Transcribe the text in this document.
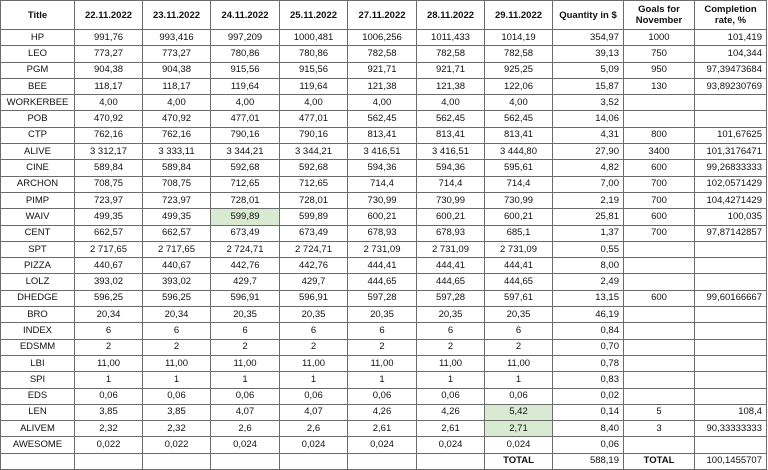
Title	22.11.2022	23.11.2022	24.11.2022	25.11.2022	27.11.2022	28.11.2022	29.11.2022	Quantity in $	Goals for November	Completion rate, %
HP	991,76	993,416	997,209	1000,481	1006,256	1011,433	1014,19	354,97	1000	101,419
LEO	773,27	773,27	780,86	780,86	782,58	782,58	782,58	39,13	750	104,344
PGM	904,38	904,38	915,56	915,56	921,71	921,71	925,25	5,09	950	97,39473684
BEE	118,17	118,17	119,64	119,64	121,38	121,38	122,06	15,87	130	93,89230769
WORKERBEE	4,00	4,00	4,00	4,00	4,00	4,00	4,00	3,52		
POB	470,92	470,92	477,01	477,01	562,45	562,45	562,45	14,06		
CTP	762,16	762,16	790,16	790,16	813,41	813,41	813,41	4,31	800	101,67625
ALIVE	3 312,17	3 333,11	3 344,21	3 344,21	3 416,51	3 416,51	3 444,80	27,90	3400	101,3176471
CINE	589,84	589,84	592,68	592,68	594,36	594,36	595,61	4,82	600	99,26833333
ARCHON	708,75	708,75	712,65	712,65	714,4	714,4	714,4	7,00	700	102,0571429
PIMP	723,97	723,97	728,01	728,01	730,99	730,99	730,99	2,19	700	104,4271429
WAIV	499,35	499,35	599,89	599,89	600,21	600,21	600,21	25,81	600	100,035
CENT	662,57	662,57	673,49	673,49	678,93	678,93	685,1	1,37	700	97,87142857
SPT	2 717,65	2 717,65	2 724,71	2 724,71	2 731,09	2 731,09	2 731,09	0,55		
PIZZA	440,67	440,67	442,76	442,76	444,41	444,41	444,41	8,00		
LOLZ	393,02	393,02	429,7	429,7	444,65	444,65	444,65	2,49		
DHEDGE	596,25	596,25	596,91	596,91	597,28	597,28	597,61	13,15	600	99,60166667
BRO	20,34	20,34	20,35	20,35	20,35	20,35	20,35	46,19		
INDEX	6	6	6	6	6	6	6	0,84		
EDSMM	2	2	2	2	2	2	2	0,70		
LBI	11,00	11,00	11,00	11,00	11,00	11,00	11,00	0,78		
SPI	1	1	1	1	1	1	1	0,83		
EDS	0,06	0,06	0,06	0,06	0,06	0,06	0,06	0,02		
LEN	3,85	3,85	4,07	4,07	4,26	4,26	5,42	0,14	5	108,4
ALIVEM	2,32	2,32	2,6	2,6	2,61	2,61	2,71	8,40	3	90,33333333
AWESOME	0,022	0,022	0,024	0,024	0,024	0,024	0,024	0,06		
							TOTAL	588,19	TOTAL	100,1455707
